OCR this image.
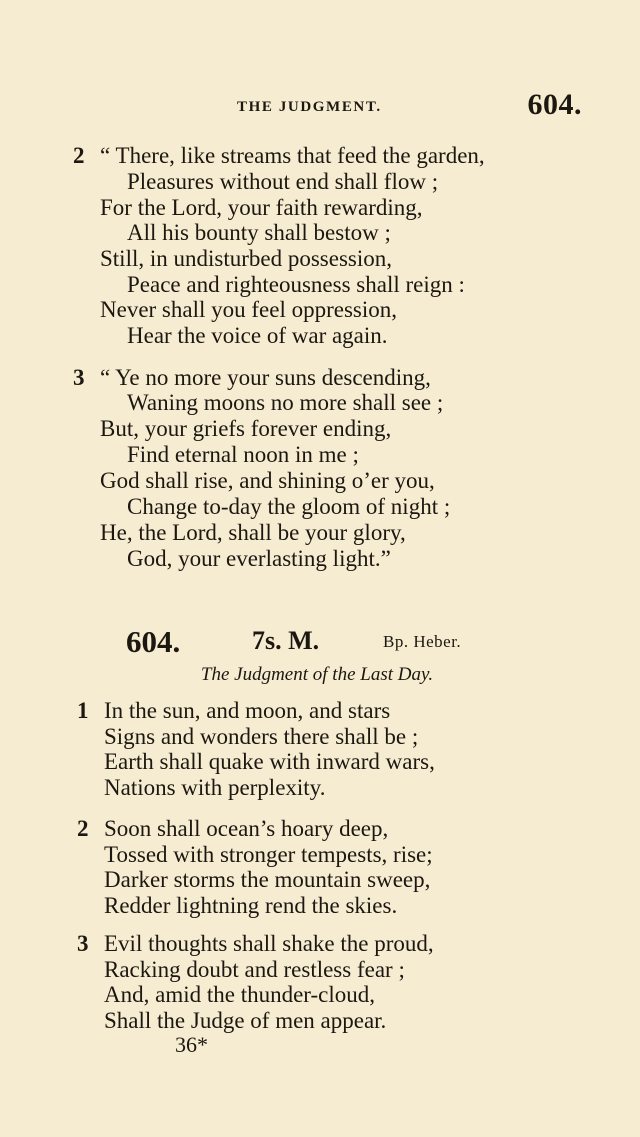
THE JUDGMENT.	604.
2 “ There, like streams that feed the garden,
Pleasures without end shall flow ;
For the Lord, your faith rewarding,
All his bounty shall bestow ;
Still, in undisturbed possession,
Peace and righteousness shall reign :
Never shall you feel oppression,
Hear the voice of war again.
3 “ Ye no more your suns descending,
Waning moons no more shall see ;
But, your griefs forever ending,
Find eternal noon in me ;
God shall rise, and shining o’er you,
Change to-day the gloom of night ;
He, the Lord, shall be your glory,
God, your everlasting light.”
604.	7s. M.	Bp. Heber.
The Judgment of the Last Day.
1 In the sun, and moon, and stars
Signs and wonders there shall be ;
Earth shall quake with inward wars,
Nations with perplexity.
2 Soon shall ocean’s hoary deep,
Tossed with stronger tempests, rise;
Darker storms the mountain sweep,
Redder lightning rend the skies.
3 Evil thoughts shall shake the proud,
Racking doubt and restless fear ;
And, amid the thunder-cloud,
Shall the Judge of men appear.
36*
